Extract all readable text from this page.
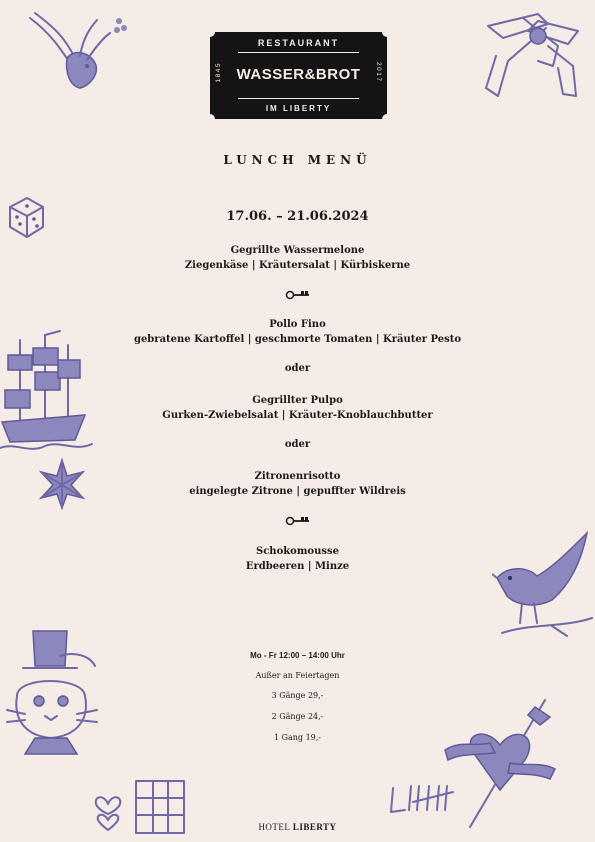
RESTAURANT
WASSER&BROT
IM LIBERTY
1845	2017
LUNCH MENÜ
17.06. – 21.06.2024
Gegrillte Wassermelone
Ziegenkäse | Kräutersalat | Kürbiskerne
Pollo Fino
gebratene Kartoffel | geschmorte Tomaten | Kräuter Pesto
oder
Gegrillter Pulpo
Gurken-Zwiebelsalat | Kräuter-Knoblauchbutter
oder
Zitronenrisotto
eingelegte Zitrone | gepuffter Wildreis
Schokomousse
Erdbeeren | Minze
Mo - Fr 12:00 – 14:00 Uhr
Außer an Feiertagen
3 Gänge 29,-
2 Gänge 24,-
1 Gang 19,-
HOTEL LIBERTY
